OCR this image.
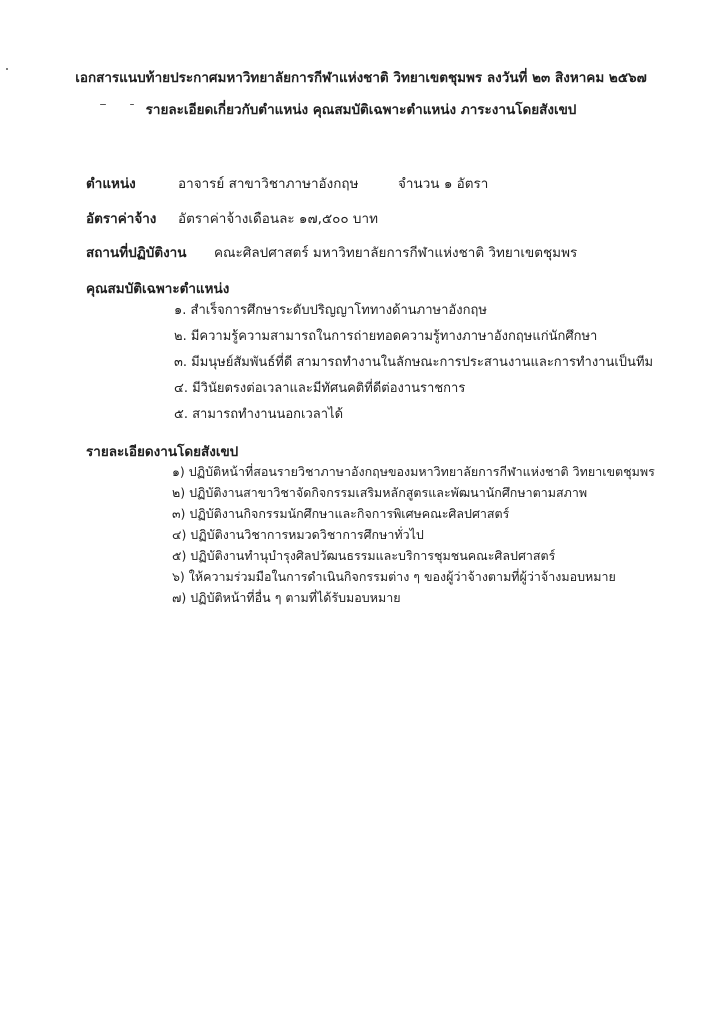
เอกสารแนบท้ายประกาศมหาวิทยาลัยการกีฬาแห่งชาติ วิทยาเขตชุมพร ลงวันที่ ๒๓ สิงหาคม ๒๕๖๗
รายละเอียดเกี่ยวกับตำแหน่ง คุณสมบัติเฉพาะตำแหน่ง ภาระงานโดยสังเขป
ตำแหน่ง	อาจารย์ สาขาวิชาภาษาอังกฤษ	จำนวน ๑ อัตรา
อัตราค่าจ้าง อัตราค่าจ้างเดือนละ ๑๗,๕๐๐ บาท
สถานที่ปฏิบัติงาน คณะศิลปศาสตร์ มหาวิทยาลัยการกีฬาแห่งชาติ วิทยาเขตชุมพร
คุณสมบัติเฉพาะตำแหน่ง
๑. สำเร็จการศึกษาระดับปริญญาโททางด้านภาษาอังกฤษ
๒. มีความรู้ความสามารถในการถ่ายทอดความรู้ทางภาษาอังกฤษแก่นักศึกษา
๓. มีมนุษย์สัมพันธ์ที่ดี สามารถทำงานในลักษณะการประสานงานและการทำงานเป็นทีม
๔. มีวินัยตรงต่อเวลาและมีทัศนคติที่ดีต่องานราชการ
๕. สามารถทำงานนอกเวลาได้
รายละเอียดงานโดยสังเขป
๑) ปฏิบัติหน้าที่สอนรายวิชาภาษาอังกฤษของมหาวิทยาลัยการกีฬาแห่งชาติ วิทยาเขตชุมพร
๒) ปฏิบัติงานสาขาวิชาจัดกิจกรรมเสริมหลักสูตรและพัฒนานักศึกษาตามสภาพ
๓) ปฏิบัติงานกิจกรรมนักศึกษาและกิจการพิเศษคณะศิลปศาสตร์
๔) ปฏิบัติงานวิชาการหมวดวิชาการศึกษาทั่วไป
๕) ปฏิบัติงานทำนุบำรุงศิลปวัฒนธรรมและบริการชุมชนคณะศิลปศาสตร์
๖) ให้ความร่วมมือในการดำเนินกิจกรรมต่าง ๆ ของผู้ว่าจ้างตามที่ผู้ว่าจ้างมอบหมาย
๗) ปฏิบัติหน้าที่อื่น ๆ ตามที่ได้รับมอบหมาย
